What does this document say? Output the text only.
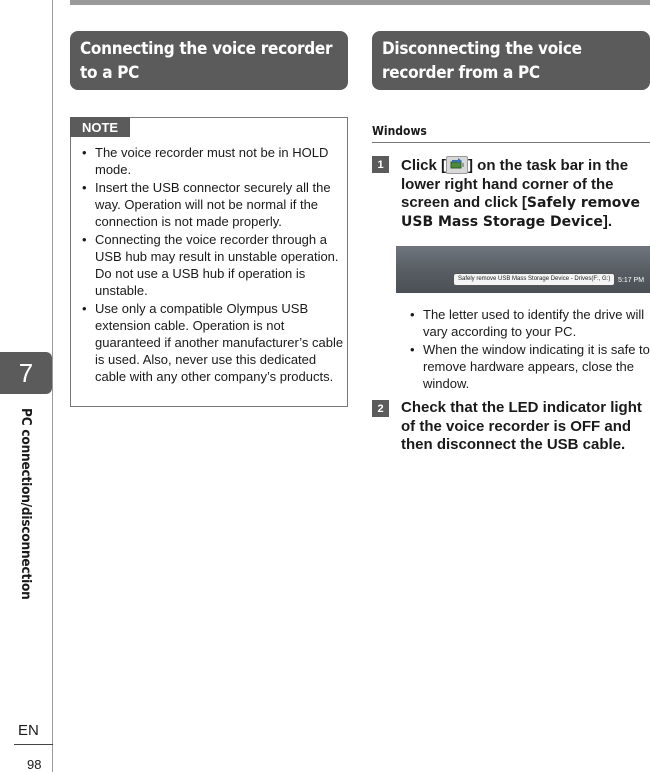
7
PC connection/disconnection
EN
98
Connecting the voice recorder to a PC
NOTE
• The voice recorder must not be in HOLD mode.
• Insert the USB connector securely all the way. Operation will not be normal if the connection is not made properly.
• Connecting the voice recorder through a USB hub may result in unstable operation. Do not use a USB hub if operation is unstable.
• Use only a compatible Olympus USB extension cable. Operation is not guaranteed if another manufacturer’s cable is used. Also, never use this dedicated cable with any other company’s products.
Disconnecting the voice recorder from a PC
Windows
1	Click [ ] on the task bar in the lower right hand corner of the screen and click [Safely remove USB Mass Storage Device].
Safely remove USB Mass Storage Device - Drives(F:, G:)	5:17 PM
• The letter used to identify the drive will vary according to your PC.
• When the window indicating it is safe to remove hardware appears, close the window.
2	Check that the LED indicator light of the voice recorder is OFF and then disconnect the USB cable.
